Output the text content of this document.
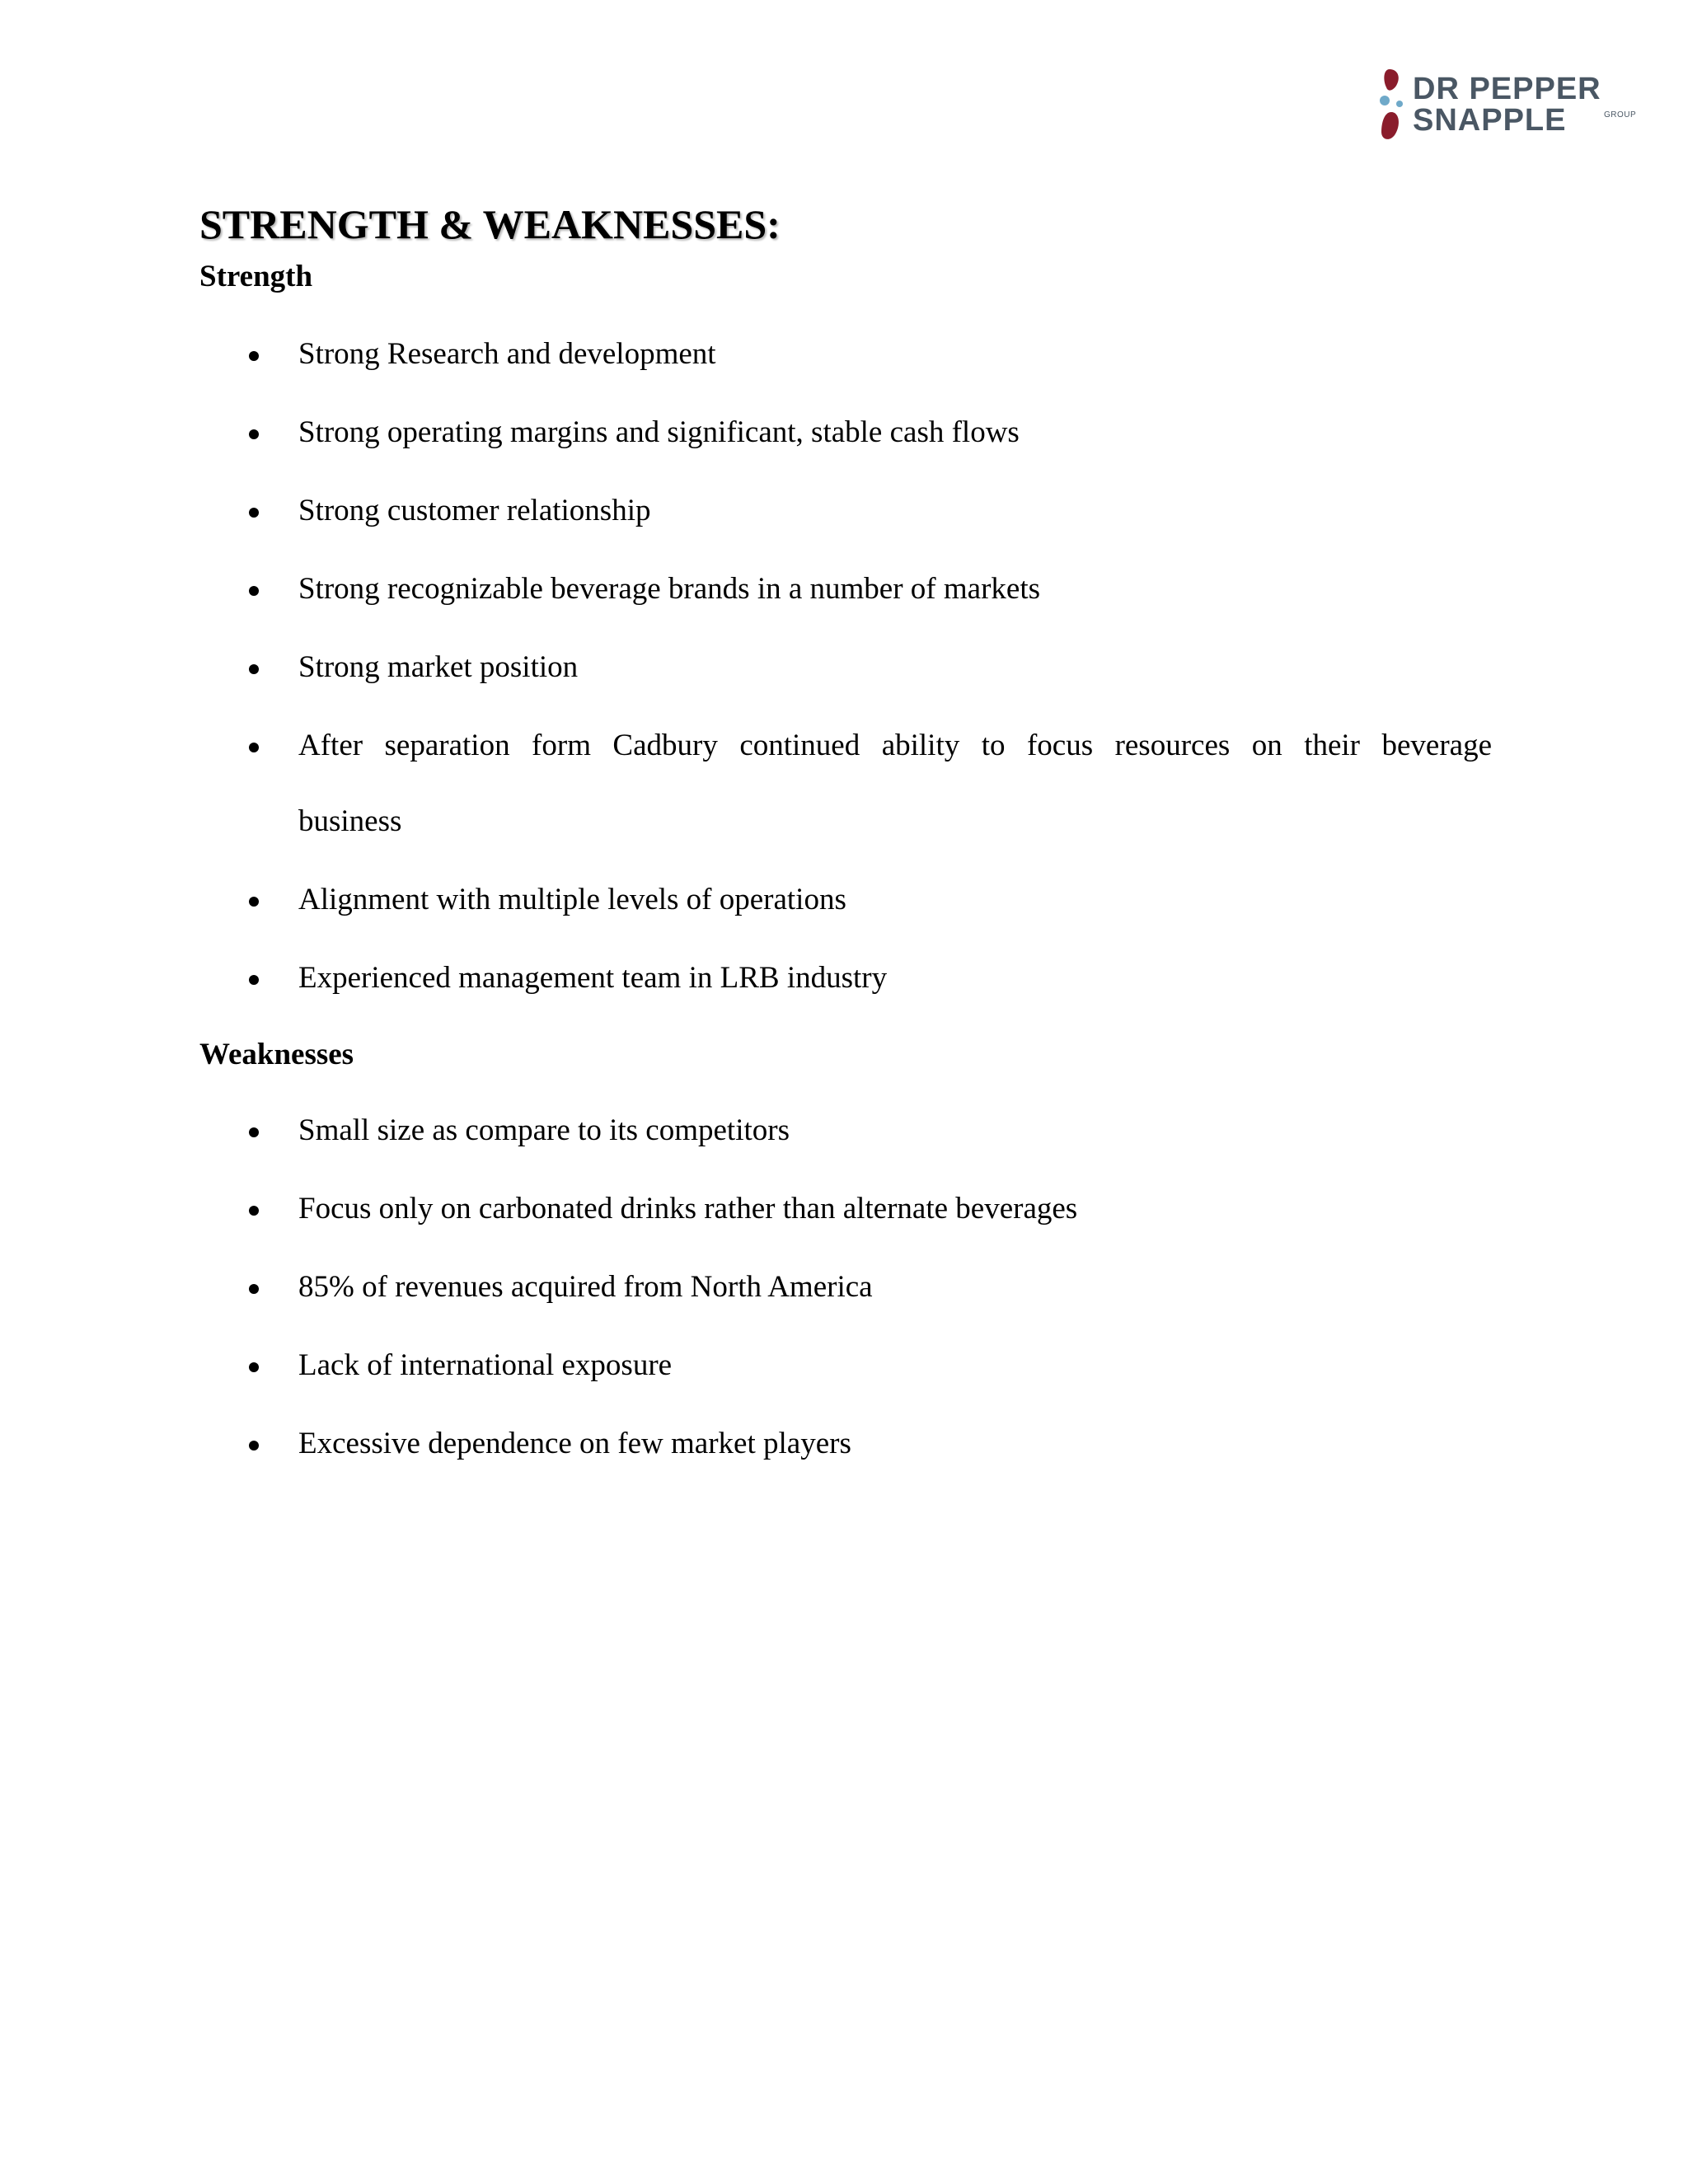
DR PEPPER
SNAPPLE	GROUP
STRENGTH & WEAKNESSES:
Strength
Strong Research and development
Strong operating margins and significant, stable cash flows
Strong customer relationship
Strong recognizable beverage brands in a number of markets
Strong market position
After separation form Cadbury continued ability to focus resources on their beverage
business
Alignment with multiple levels of operations
Experienced management team in LRB industry
Weaknesses
Small size as compare to its competitors
Focus only on carbonated drinks rather than alternate beverages
85% of revenues acquired from North America
Lack of international exposure
Excessive dependence on few market players
